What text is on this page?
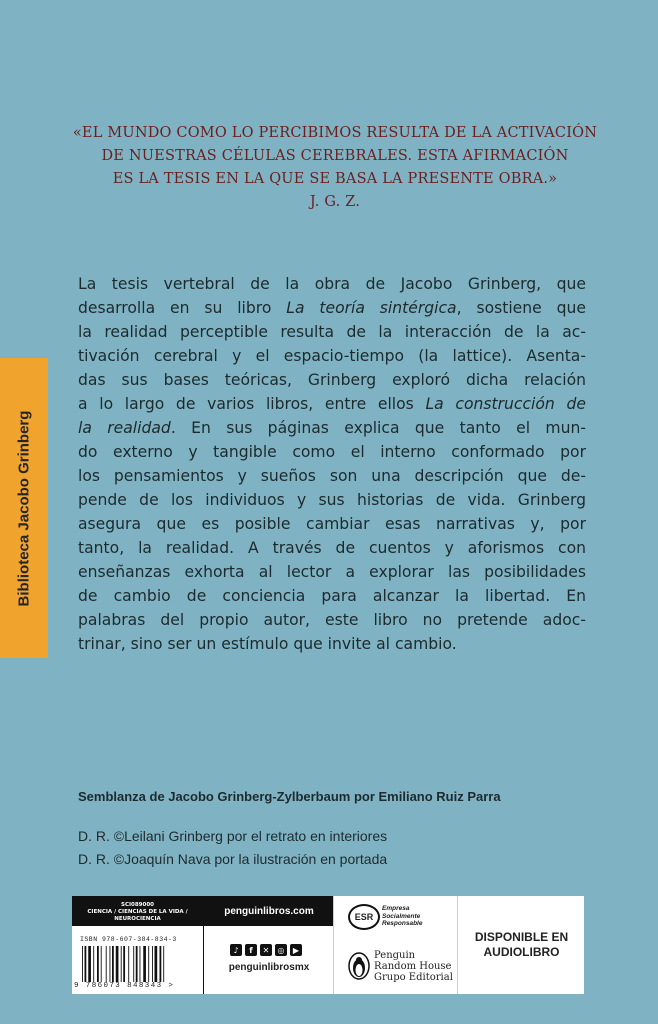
«EL MUNDO COMO LO PERCIBIMOS RESULTA DE LA ACTIVACIÓN
DE NUESTRAS CÉLULAS CEREBRALES. ESTA AFIRMACIÓN
ES LA TESIS EN LA QUE SE BASA LA PRESENTE OBRA.»
J. G. Z.
La tesis vertebral de la obra de Jacobo Grinberg, que
desarrolla en su libro La teoría sintérgica, sostiene que
la realidad perceptible resulta de la interacción de la ac-
tivación cerebral y el espacio-tiempo (la lattice). Asenta-
das sus bases teóricas, Grinberg exploró dicha relación
a lo largo de varios libros, entre ellos La construcción de
la realidad. En sus páginas explica que tanto el mun-
do externo y tangible como el interno conformado por
los pensamientos y sueños son una descripción que de-
pende de los individuos y sus historias de vida. Grinberg
asegura que es posible cambiar esas narrativas y, por
tanto, la realidad. A través de cuentos y aforismos con
enseñanzas exhorta al lector a explorar las posibilidades
de cambio de conciencia para alcanzar la libertad. En
palabras del propio autor, este libro no pretende adoc-
trinar, sino ser un estímulo que invite al cambio.
Biblioteca Jacobo Grinberg
Semblanza de Jacobo Grinberg-Zylberbaum por Emiliano Ruiz Parra
D. R. ©Leilani Grinberg por el retrato en interiores
D. R. ©Joaquín Nava por la ilustración en portada
SCI089000
CIENCIA / CIENCIAS DE LA VIDA /
NEUROCIENCIA
ISBN 978-607-384-834-3
9 786073 848343 >
penguinlibros.com
♪	f	✕	◎	▶
penguinlibrosmx
ESR
Empresa
Socialmente
Responsable
Penguin
Random House
Grupo Editorial
DISPONIBLE EN
AUDIOLIBRO
